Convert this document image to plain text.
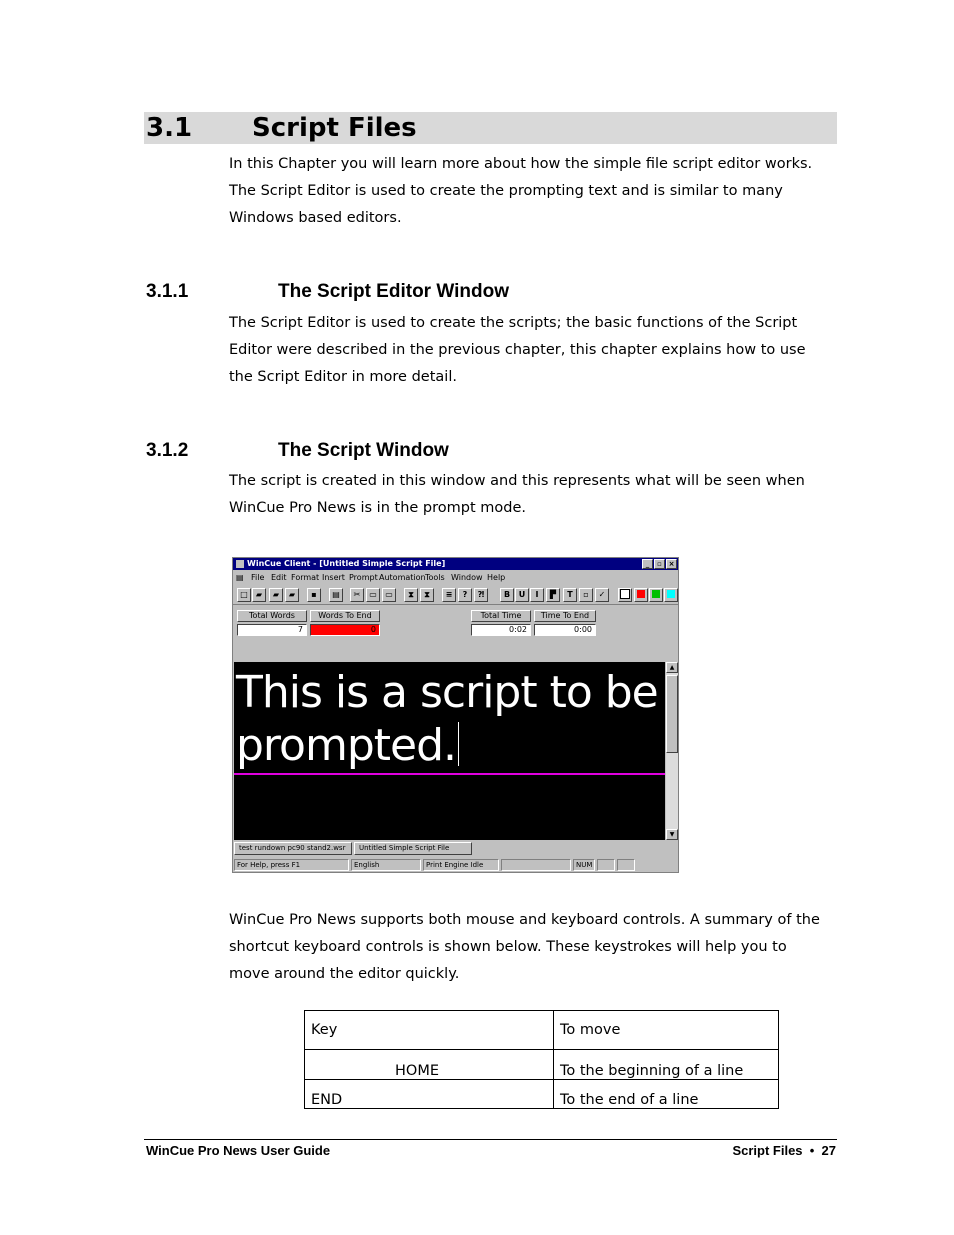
3.1 Script Files
In this Chapter you will learn more about how the simple file script editor works. The Script Editor is used to create the prompting text and is similar to many Windows based editors.
3.1.1	The Script Editor Window
The Script Editor is used to create the scripts; the basic functions of the Script Editor were described in the previous chapter, this chapter explains how to use the Script Editor in more detail.
3.1.2	The Script Window
The script is created in this window and this represents what will be seen when WinCue Pro News is in the prompt mode.
WinCue Client - [Untitled Simple Script File]	_	▫ ×
▤ File Edit Format Insert Prompt Automation Tools Window Help
□	▰	▰	▰	▪	▤	✂	▭	▭	⧗	⧗	≡	?	⁈	B	U	I	▛	T	▫	✓
Total Words
7
Words To End
0
Total Time
0:02
Time To End
0:00
This is a script to be prompted.
▲
▼
test rundown pc90 stand2.wsr	Untitled Simple Script File
For Help, press F1	English	Print Engine Idle	NUM
WinCue Pro News supports both mouse and keyboard controls. A summary of the shortcut keyboard controls is shown below. These keystrokes will help you to move around the editor quickly.
Key	To move
HOME	To the beginning of a line
END	To the end of a line
WinCue Pro News User Guide	Script Files  •  27
